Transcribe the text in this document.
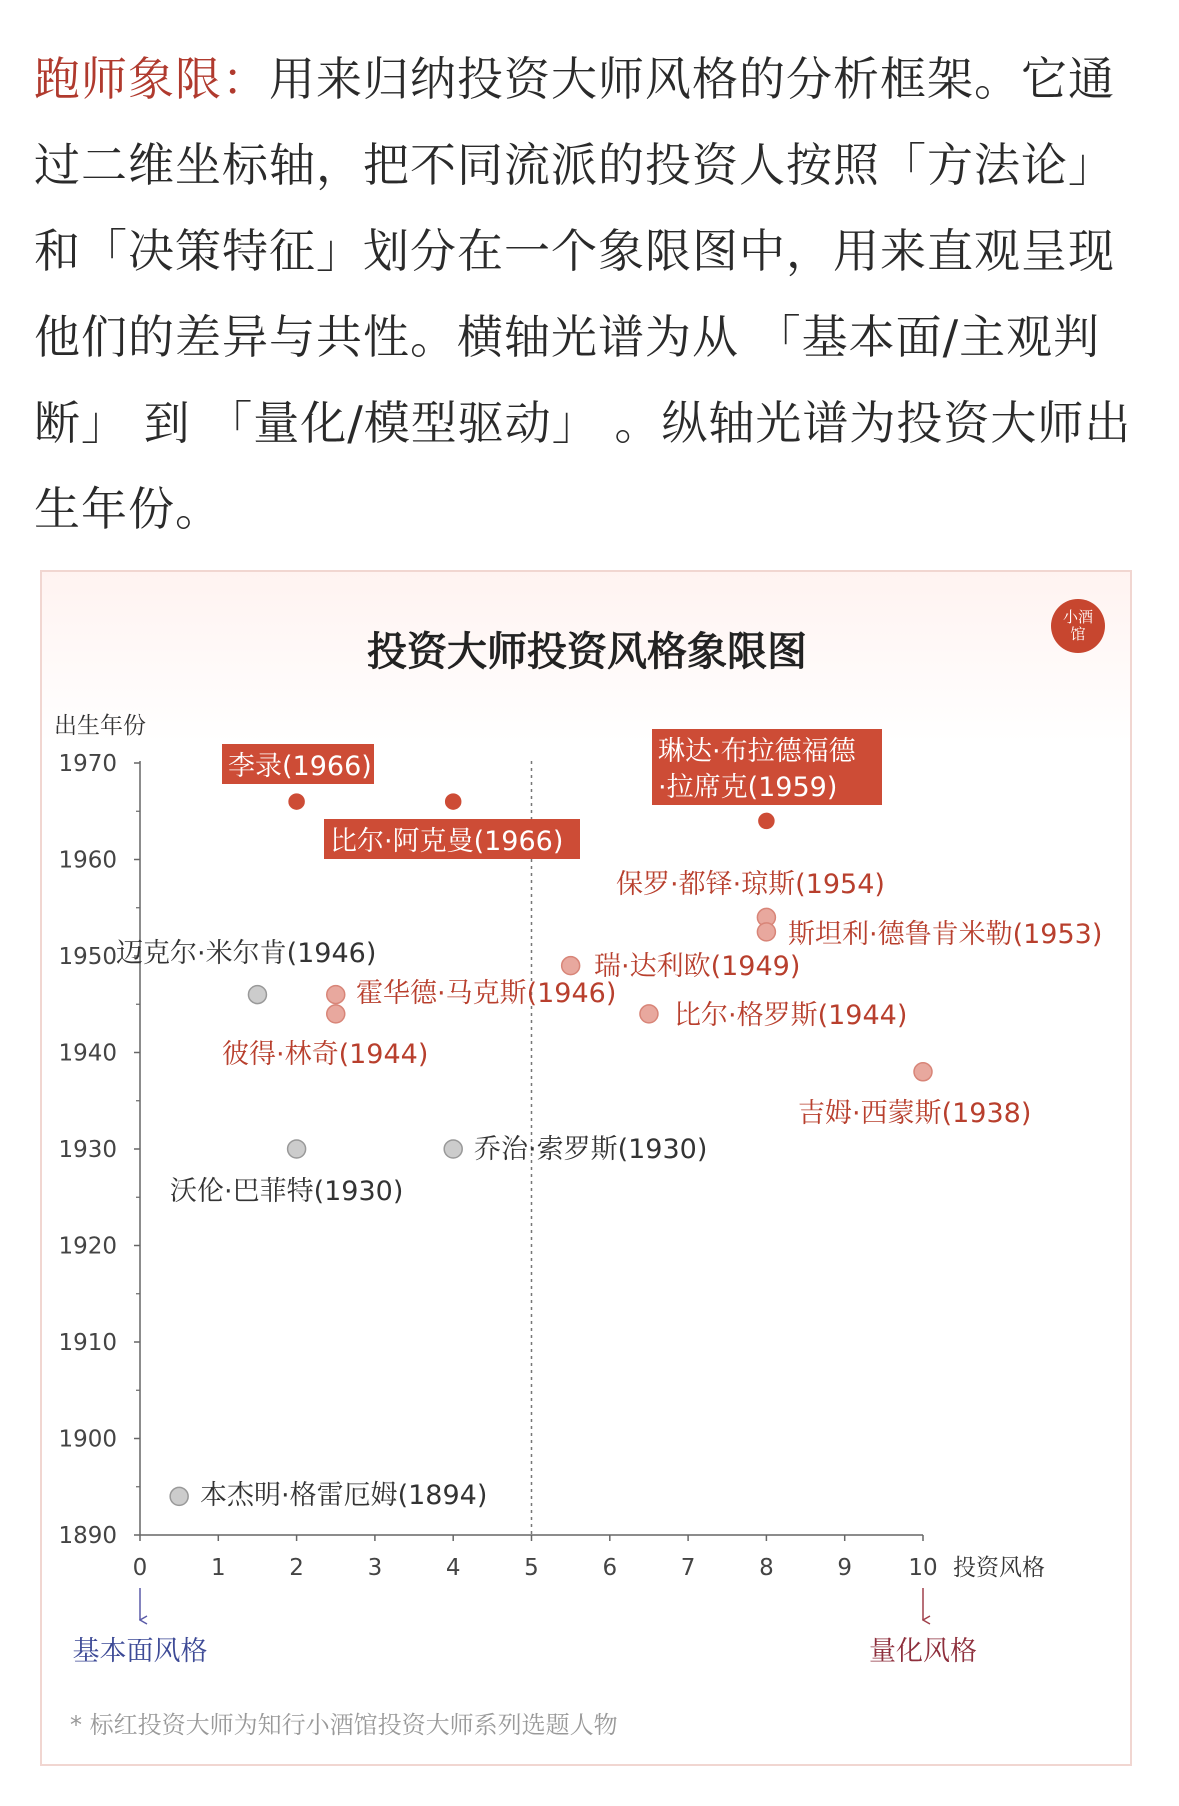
跑师象限：用来归纳投资大师风格的分析框架。它通过二维坐标轴，把不同流派的投资人按照「方法论」和「决策特征」划分在一个象限图中，用来直观呈现他们的差异与共性。横轴光谱为从 「基本面/主观判断」 到 「量化/模型驱动」 。纵轴光谱为投资大师出生年份。
小酒馆
投资大师投资风格象限图
出生年份
投资风格
1890
1900
1910
1920
1930
1940
1950
1960
1970
0	1	2	3	4	5	6	7	8	9 10
李录(1966)
比尔·阿克曼(1966)
琳达·布拉德福德·拉席克(1959)
保罗·都铎·琼斯(1954)
斯坦利·德鲁肯米勒(1953)
瑞·达利欧(1949)
迈克尔·米尔肯(1946)
霍华德·马克斯(1946)
彼得·林奇(1944)
比尔·格罗斯(1944)
吉姆·西蒙斯(1938)
沃伦·巴菲特(1930)
乔治·索罗斯(1930)
本杰明·格雷厄姆(1894)
基本面风格	量化风格
* 标红投资大师为知行小酒馆投资大师系列选题人物
